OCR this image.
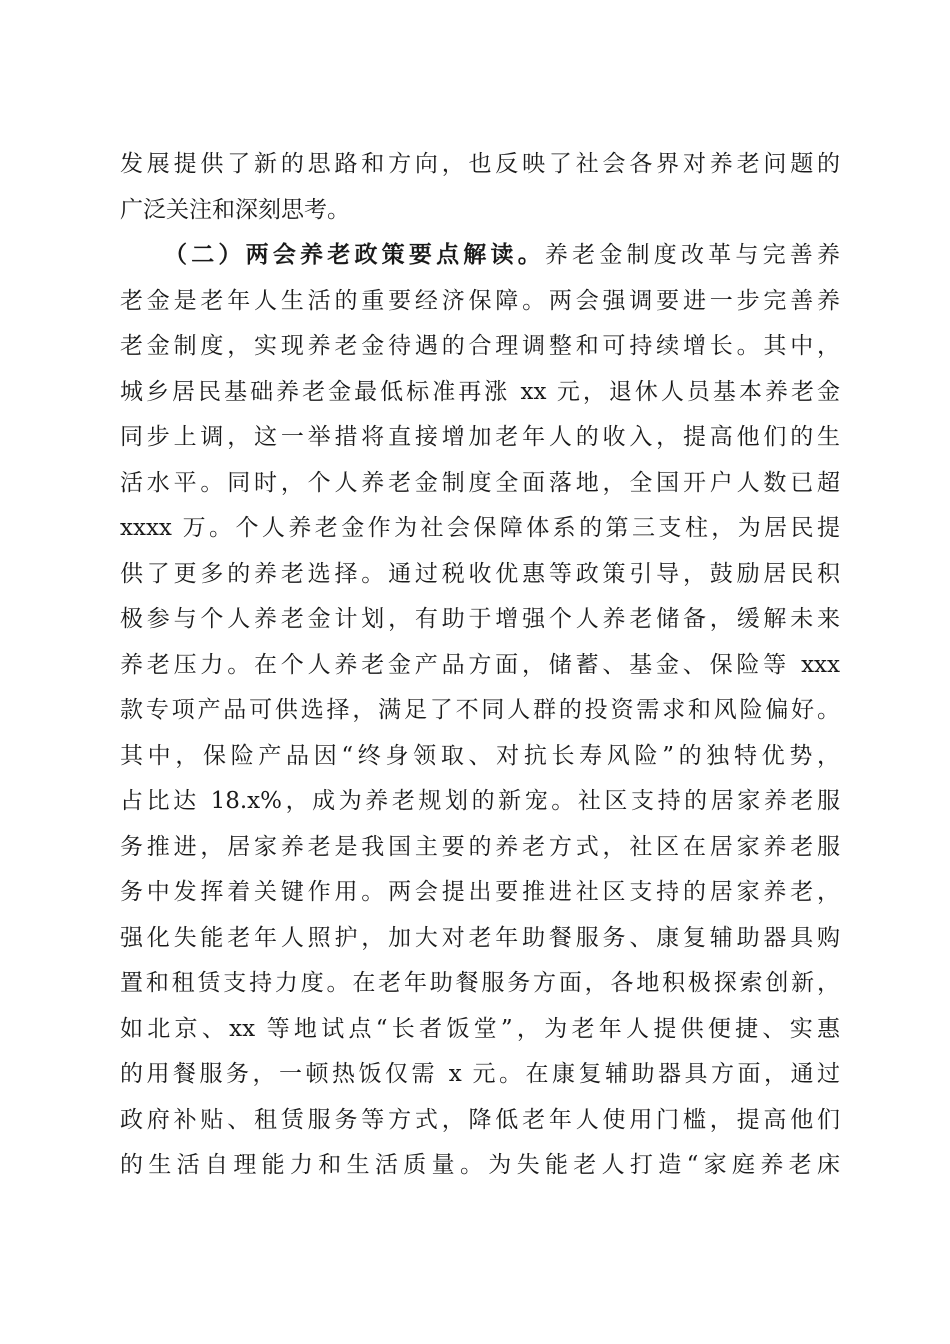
发展提供了新的思路和方向，也反映了社会各界对养老问题的
广泛关注和深刻思考。
（二）两会养老政策要点解读。养老金制度改革与完善养
老金是老年人生活的重要经济保障。两会强调要进一步完善养
老金制度，实现养老金待遇的合理调整和可持续增长。其中，
城乡居民基础养老金最低标准再涨 xx 元，退休人员基本养老金
同步上调，这一举措将直接增加老年人的收入，提高他们的生
活水平。同时，个人养老金制度全面落地，全国开户人数已超
xxxx 万。个人养老金作为社会保障体系的第三支柱，为居民提
供了更多的养老选择。通过税收优惠等政策引导，鼓励居民积
极参与个人养老金计划，有助于增强个人养老储备，缓解未来
养老压力。在个人养老金产品方面，储蓄、基金、保险等 xxx
款专项产品可供选择，满足了不同人群的投资需求和风险偏好。
其中，保险产品因“终身领取、对抗长寿风险”的独特优势，
占比达 18.x%，成为养老规划的新宠。社区支持的居家养老服
务推进，居家养老是我国主要的养老方式，社区在居家养老服
务中发挥着关键作用。两会提出要推进社区支持的居家养老，
强化失能老年人照护，加大对老年助餐服务、康复辅助器具购
置和租赁支持力度。在老年助餐服务方面，各地积极探索创新，
如北京、xx 等地试点“长者饭堂”，为老年人提供便捷、实惠
的用餐服务，一顿热饭仅需 x 元。在康复辅助器具方面，通过
政府补贴、租赁服务等方式，降低老年人使用门槛，提高他们
的生活自理能力和生活质量。为失能老人打造“家庭养老床
